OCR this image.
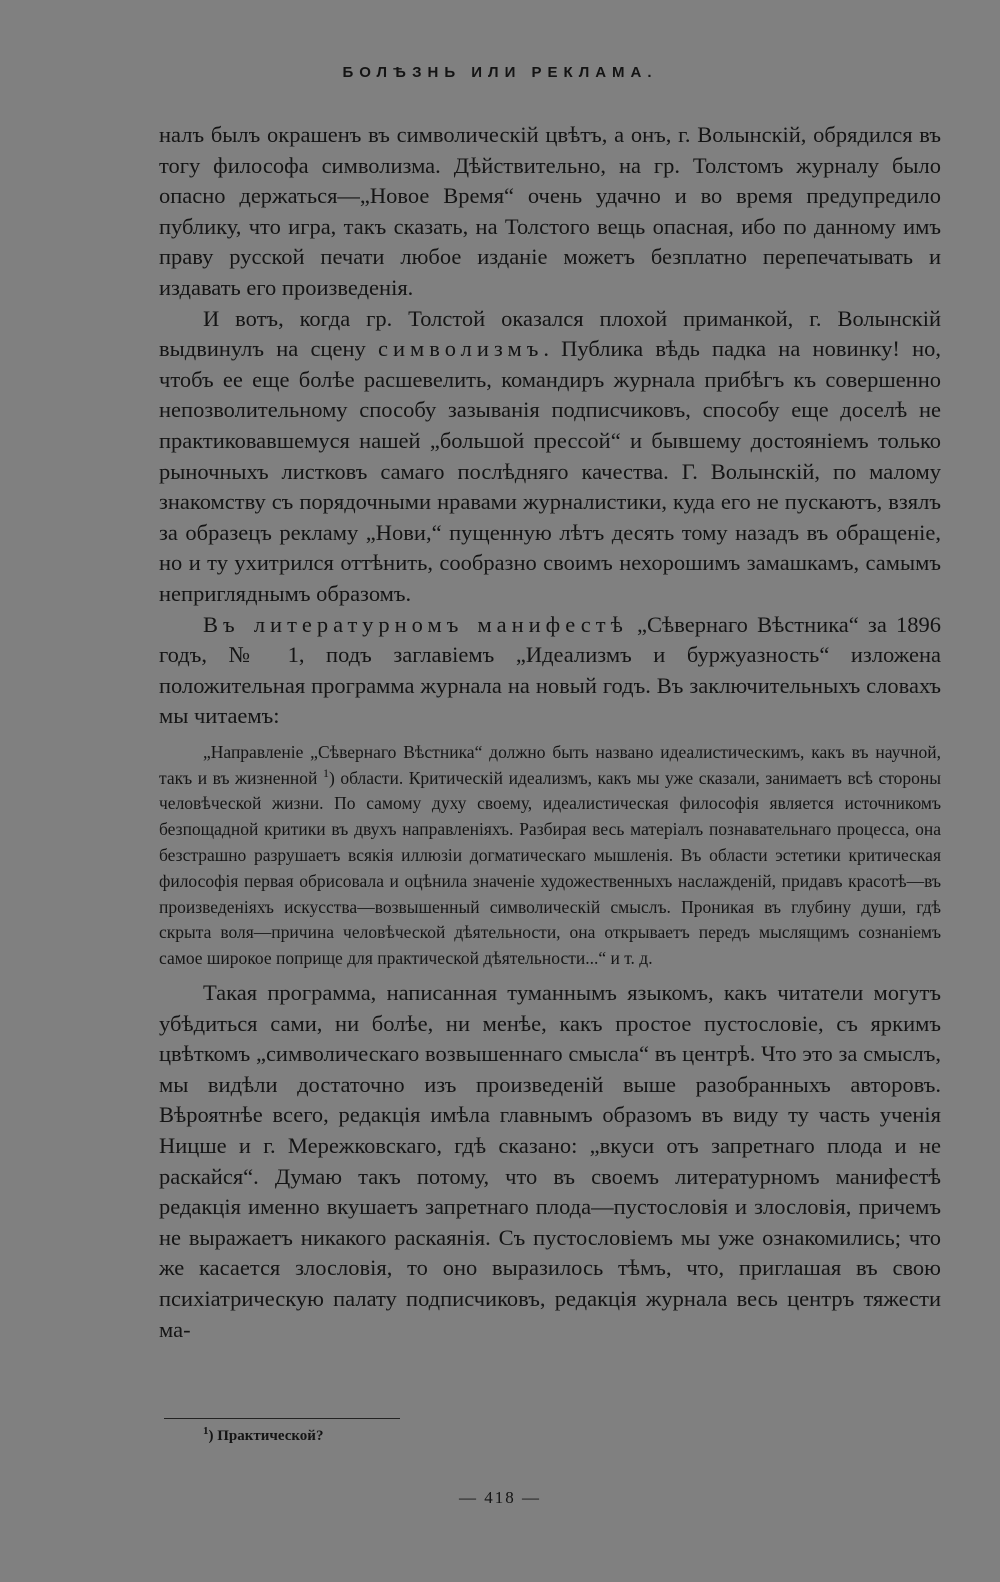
БОЛѢЗНЬ ИЛИ РЕКЛАМА.

налъ былъ окрашенъ въ символическій цвѣтъ, а онъ, г. Волынскій, обрядился въ тогу философа символизма. Дѣйствительно, на гр. Толстомъ журналу было опасно держаться—„Новое Время“ очень удачно и во время предупредило публику, что игра, такъ сказать, на Толстого вещь опасная, ибо по данному имъ праву русской печати любое изданіе можетъ безплатно перепечатывать и издавать его произведенія.

И вотъ, когда гр. Толстой оказался плохой приманкой, г. Волынскій выдвинулъ на сцену символизмъ. Публика вѣдь падка на новинку! но, чтобъ ее еще болѣе расшевелить, командиръ журнала прибѣгъ къ совершенно непозволительному способу зазыванія подписчиковъ, способу еще доселѣ не практиковавшемуся нашей „большой прессой“ и бывшему достояніемъ только рыночныхъ листковъ самаго послѣдняго качества. Г. Волынскій, по малому знакомству съ порядочными нравами журналистики, куда его не пускаютъ, взялъ за образецъ рекламу „Нови,“ пущенную лѣтъ десять тому назадъ въ обращеніе, но и ту ухитрился оттѣнить, сообразно своимъ нехорошимъ замашкамъ, самымъ непригляднымъ образомъ.

Въ литературномъ манифестѣ „Сѣвернаго Вѣстника“ за 1896 годъ, № 1, подъ заглавіемъ „Идеализмъ и буржуазность“ изложена положительная программа журнала на новый годъ. Въ заключительныхъ словахъ мы читаемъ:

„Направленіе „Сѣвернаго Вѣстника“ должно быть названо идеалистическимъ, какъ въ научной, такъ и въ жизненной $^1$) области. Критическій идеализмъ, какъ мы уже сказали, занимаетъ всѣ стороны человѣческой жизни. По самому духу своему, идеалистическая философія является источникомъ безпощадной критики въ двухъ направленіяхъ. Разбирая весь матеріалъ познавательнаго процесса, она безстрашно разрушаетъ всякія иллюзіи догматическаго мышленія. Въ области эстетики критическая философія первая обрисовала и оцѣнила значеніе художественныхъ наслажденій, придавъ красотѣ—въ произведеніяхъ искусства—возвышенный символическій смыслъ. Проникая въ глубину души, гдѣ скрыта воля—причина человѣческой дѣятельности, она открываетъ передъ мыслящимъ сознаніемъ самое широкое поприще для практической дѣятельности...“ и т. д.

Такая программа, написанная туманнымъ языкомъ, какъ читатели могутъ убѣдиться сами, ни болѣе, ни менѣе, какъ простое пустословіе, съ яркимъ цвѣткомъ „символическаго возвышеннаго смысла“ въ центрѣ. Что это за смыслъ, мы видѣли достаточно изъ произведеній выше разобранныхъ авторовъ. Вѣроятнѣе всего, редакція имѣла главнымъ образомъ въ виду ту часть ученія Ницше и г. Мережковскаго, гдѣ сказано: „вкуси отъ запретнаго плода и не раскайся“. Думаю такъ потому, что въ своемъ литературномъ манифестѣ редакція именно вкушаетъ запретнаго плода—пустословія и злословія, причемъ не выражаетъ никакого раскаянія. Съ пустословіемъ мы уже ознакомились; что же касается злословія, то оно выразилось тѣмъ, что, приглашая въ свою психіатрическую палату подписчиковъ, редакція журнала весь центръ тяжести ма-

$^1$) Практической?
— 418 —
